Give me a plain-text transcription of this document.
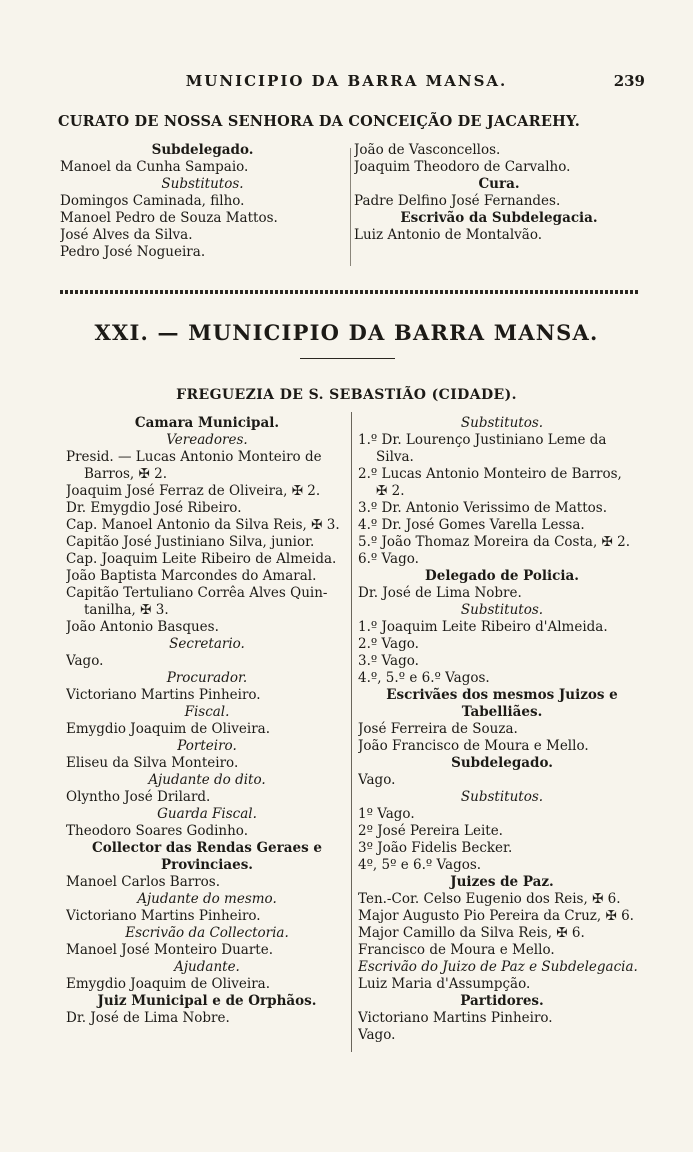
MUNICIPIO DA BARRA MANSA.	239
CURATO DE NOSSA SENHORA DA CONCEIÇÃO DE JACAREHY.
Subdelegado.
Manoel da Cunha Sampaio.
Substitutos.
Domingos Caminada, filho.
Manoel Pedro de Souza Mattos.
José Alves da Silva.
Pedro José Nogueira.
João de Vasconcellos.
Joaquim Theodoro de Carvalho.
Cura.
Padre Delfino José Fernandes.
Escrivão da Subdelegacia.
Luiz Antonio de Montalvão.
XXI. — MUNICIPIO DA BARRA MANSA.
FREGUEZIA DE S. SEBASTIÃO (CIDADE).
Camara Municipal.
Vereadores.
Presid. — Lucas Antonio Monteiro de
Barros, ✠ 2.
Joaquim José Ferraz de Oliveira, ✠ 2.
Dr. Emygdio José Ribeiro.
Cap. Manoel Antonio da Silva Reis, ✠ 3.
Capitão José Justiniano Silva, junior.
Cap. Joaquim Leite Ribeiro de Almeida.
João Baptista Marcondes do Amaral.
Capitão Tertuliano Corrêa Alves Quin-
tanilha, ✠ 3.
João Antonio Basques.
Secretario.
Vago.
Procurador.
Victoriano Martins Pinheiro.
Fiscal.
Emygdio Joaquim de Oliveira.
Porteiro.
Eliseu da Silva Monteiro.
Ajudante do dito.
Olyntho José Drilard.
Guarda Fiscal.
Theodoro Soares Godinho.
Collector das Rendas Geraes e
Provinciaes.
Manoel Carlos Barros.
Ajudante do mesmo.
Victoriano Martins Pinheiro.
Escrivão da Collectoria.
Manoel José Monteiro Duarte.
Ajudante.
Emygdio Joaquim de Oliveira.
Juiz Municipal e de Orphãos.
Dr. José de Lima Nobre.
Substitutos.
1.º Dr. Lourenço Justiniano Leme da
Silva.
2.º Lucas Antonio Monteiro de Barros,
✠ 2.
3.º Dr. Antonio Verissimo de Mattos.
4.º Dr. José Gomes Varella Lessa.
5.º João Thomaz Moreira da Costa, ✠ 2.
6.º Vago.
Delegado de Policia.
Dr. José de Lima Nobre.
Substitutos.
1.º Joaquim Leite Ribeiro d'Almeida.
2.º Vago.
3.º Vago.
4.º, 5.º e 6.º Vagos.
Escrivães dos mesmos Juizos e
Tabelliães.
José Ferreira de Souza.
João Francisco de Moura e Mello.
Subdelegado.
Vago.
Substitutos.
1º Vago.
2º José Pereira Leite.
3º João Fidelis Becker.
4º, 5º e 6.º Vagos.
Juizes de Paz.
Ten.-Cor. Celso Eugenio dos Reis, ✠ 6.
Major Augusto Pio Pereira da Cruz, ✠ 6.
Major Camillo da Silva Reis, ✠ 6.
Francisco de Moura e Mello.
Escrivão do Juizo de Paz e Subdelegacia.
Luiz Maria d'Assumpção.
Partidores.
Victoriano Martins Pinheiro.
Vago.
